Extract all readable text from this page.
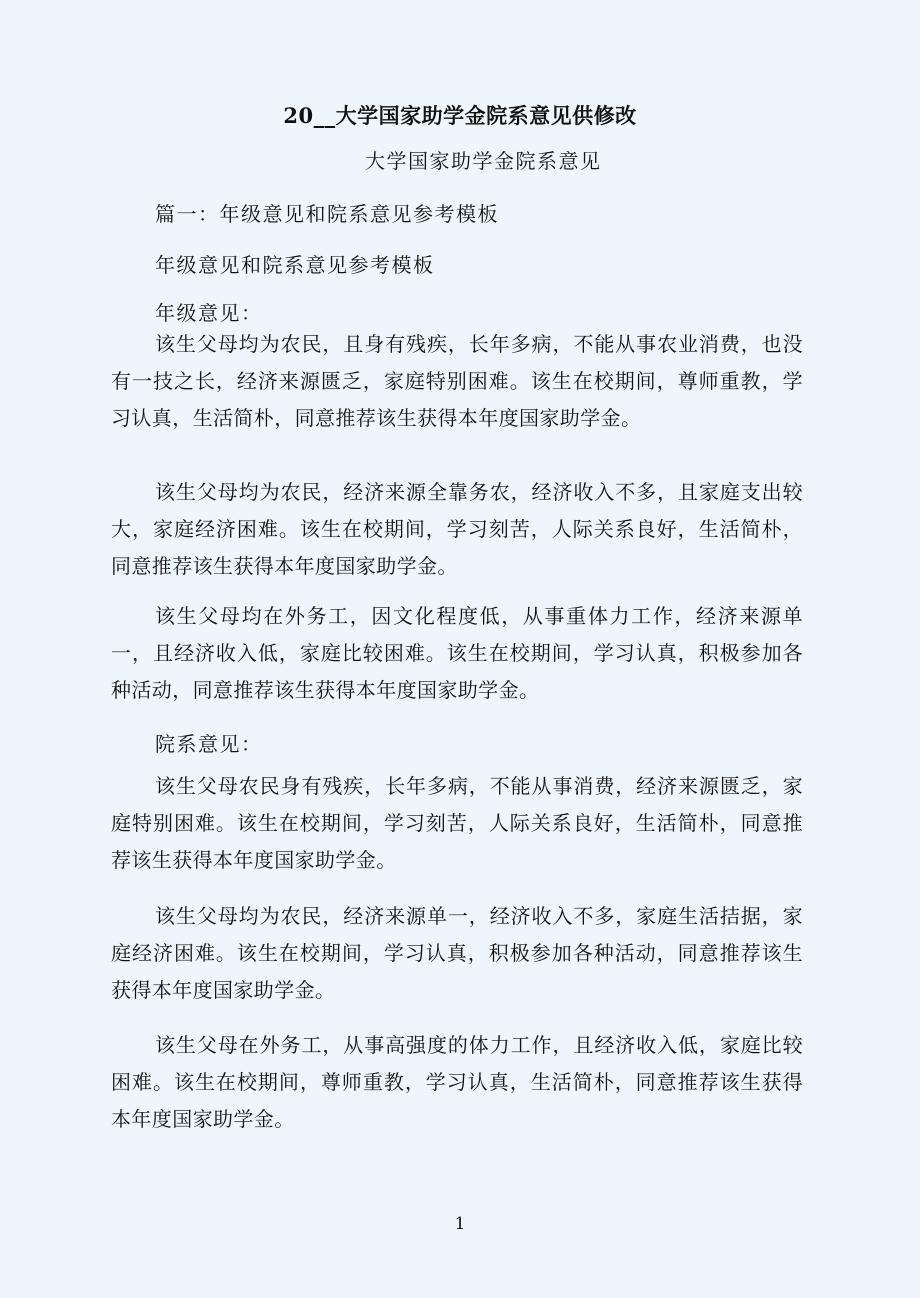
20__大学国家助学金院系意见供修改
大学国家助学金院系意见
篇一：年级意见和院系意见参考模板
年级意见和院系意见参考模板
年级意见：

该生父母均为农民，且身有残疾，长年多病，不能从事农业消费，也没有一技之长，经济来源匮乏，家庭特别困难。该生在校期间，尊师重教，学习认真，生活简朴，同意推荐该生获得本年度国家助学金。

该生父母均为农民，经济来源全靠务农，经济收入不多，且家庭支出较大，家庭经济困难。该生在校期间，学习刻苦，人际关系良好，生活简朴，同意推荐该生获得本年度国家助学金。

该生父母均在外务工，因文化程度低，从事重体力工作，经济来源单一，且经济收入低，家庭比较困难。该生在校期间，学习认真，积极参加各种活动，同意推荐该生获得本年度国家助学金。

院系意见：

该生父母农民身有残疾，长年多病，不能从事消费，经济来源匮乏，家庭特别困难。该生在校期间，学习刻苦，人际关系良好，生活简朴，同意推荐该生获得本年度国家助学金。

该生父母均为农民，经济来源单一，经济收入不多，家庭生活拮据，家庭经济困难。该生在校期间，学习认真，积极参加各种活动，同意推荐该生获得本年度国家助学金。

该生父母在外务工，从事高强度的体力工作，且经济收入低，家庭比较困难。该生在校期间，尊师重教，学习认真，生活简朴，同意推荐该生获得本年度国家助学金。

1
